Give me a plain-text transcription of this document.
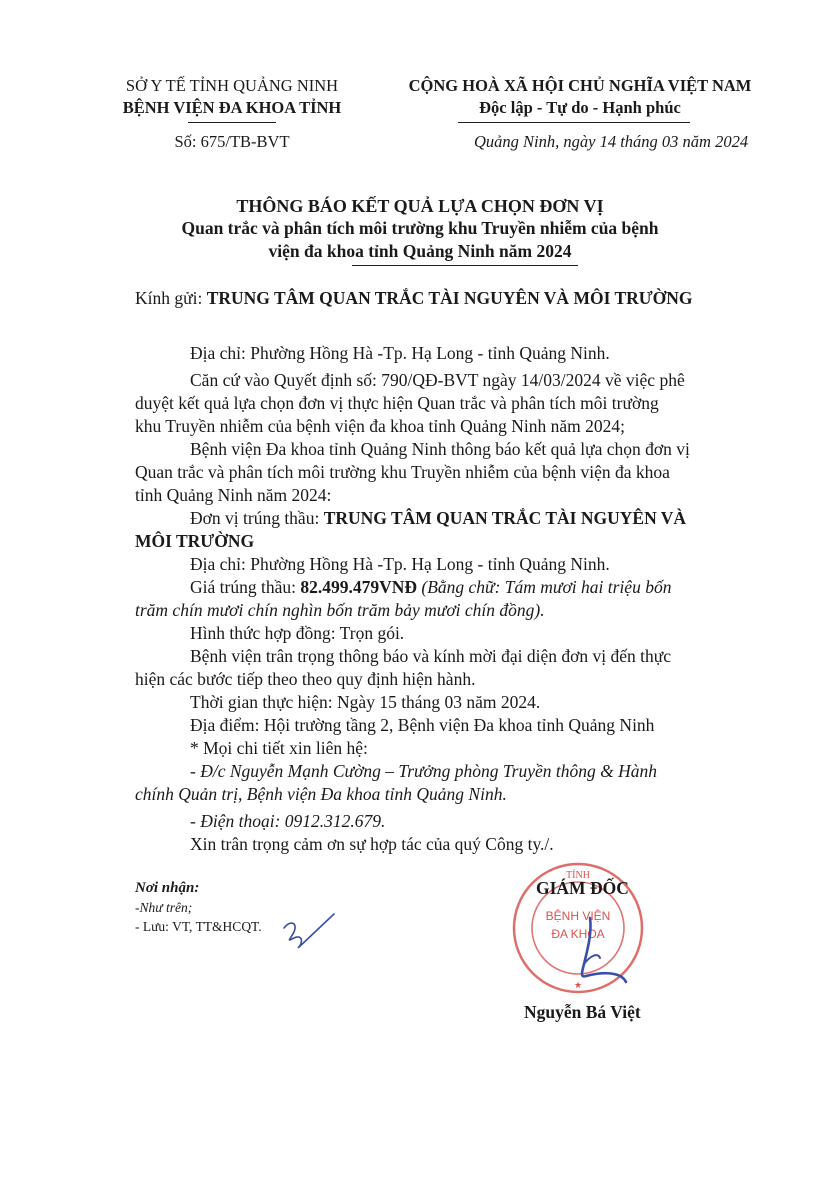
SỞ Y TẾ TỈNH QUẢNG NINH
BỆNH VIỆN ĐA KHOA TỈNH
CỘNG HOÀ XÃ HỘI CHỦ NGHĨA VIỆT NAM
Độc lập - Tự do - Hạnh phúc
Số: 675/TB-BVT	Quảng Ninh, ngày 14 tháng 03 năm 2024
THÔNG BÁO KẾT QUẢ LỰA CHỌN ĐƠN VỊ
Quan trắc và phân tích môi trường khu Truyền nhiễm của bệnh
viện đa khoa tỉnh Quảng Ninh năm 2024
Kính gửi: TRUNG TÂM QUAN TRẮC TÀI NGUYÊN VÀ MÔI TRƯỜNG
Địa chỉ: Phường Hồng Hà -Tp. Hạ Long - tỉnh Quảng Ninh.
Căn cứ vào Quyết định số: 790/QĐ-BVT ngày 14/03/2024 về việc phê
duyệt kết quả lựa chọn đơn vị thực hiện Quan trắc và phân tích môi trường
khu Truyền nhiễm của bệnh viện đa khoa tỉnh Quảng Ninh năm 2024;
Bệnh viện Đa khoa tỉnh Quảng Ninh thông báo kết quả lựa chọn đơn vị
Quan trắc và phân tích môi trường khu Truyền nhiễm của bệnh viện đa khoa
tỉnh Quảng Ninh năm 2024:
Đơn vị trúng thầu: TRUNG TÂM QUAN TRẮC TÀI NGUYÊN VÀ
MÔI TRƯỜNG
Địa chỉ: Phường Hồng Hà -Tp. Hạ Long - tỉnh Quảng Ninh.
Giá trúng thầu: 82.499.479VNĐ (Bằng chữ: Tám mươi hai triệu bốn
trăm chín mươi chín nghìn bốn trăm bảy mươi chín đồng).
Hình thức hợp đồng: Trọn gói.
Bệnh viện trân trọng thông báo và kính mời đại diện đơn vị đến thực
hiện các bước tiếp theo theo quy định hiện hành.
Thời gian thực hiện: Ngày 15 tháng 03 năm 2024.
Địa điểm: Hội trường tầng 2, Bệnh viện Đa khoa tỉnh Quảng Ninh
* Mọi chi tiết xin liên hệ:
- Đ/c Nguyễn Mạnh Cường – Trưởng phòng Truyền thông & Hành
chính Quản trị, Bệnh viện Đa khoa tỉnh Quảng Ninh.
- Điện thoại: 0912.312.679.
Xin trân trọng cảm ơn sự hợp tác của quý Công ty./.
Nơi nhận:
-Như trên;
- Lưu: VT, TT&HCQT.
TỈNH
BỆNH VIỆN
ĐA KHOA
★
GIÁM ĐỐC
Nguyễn Bá Việt
